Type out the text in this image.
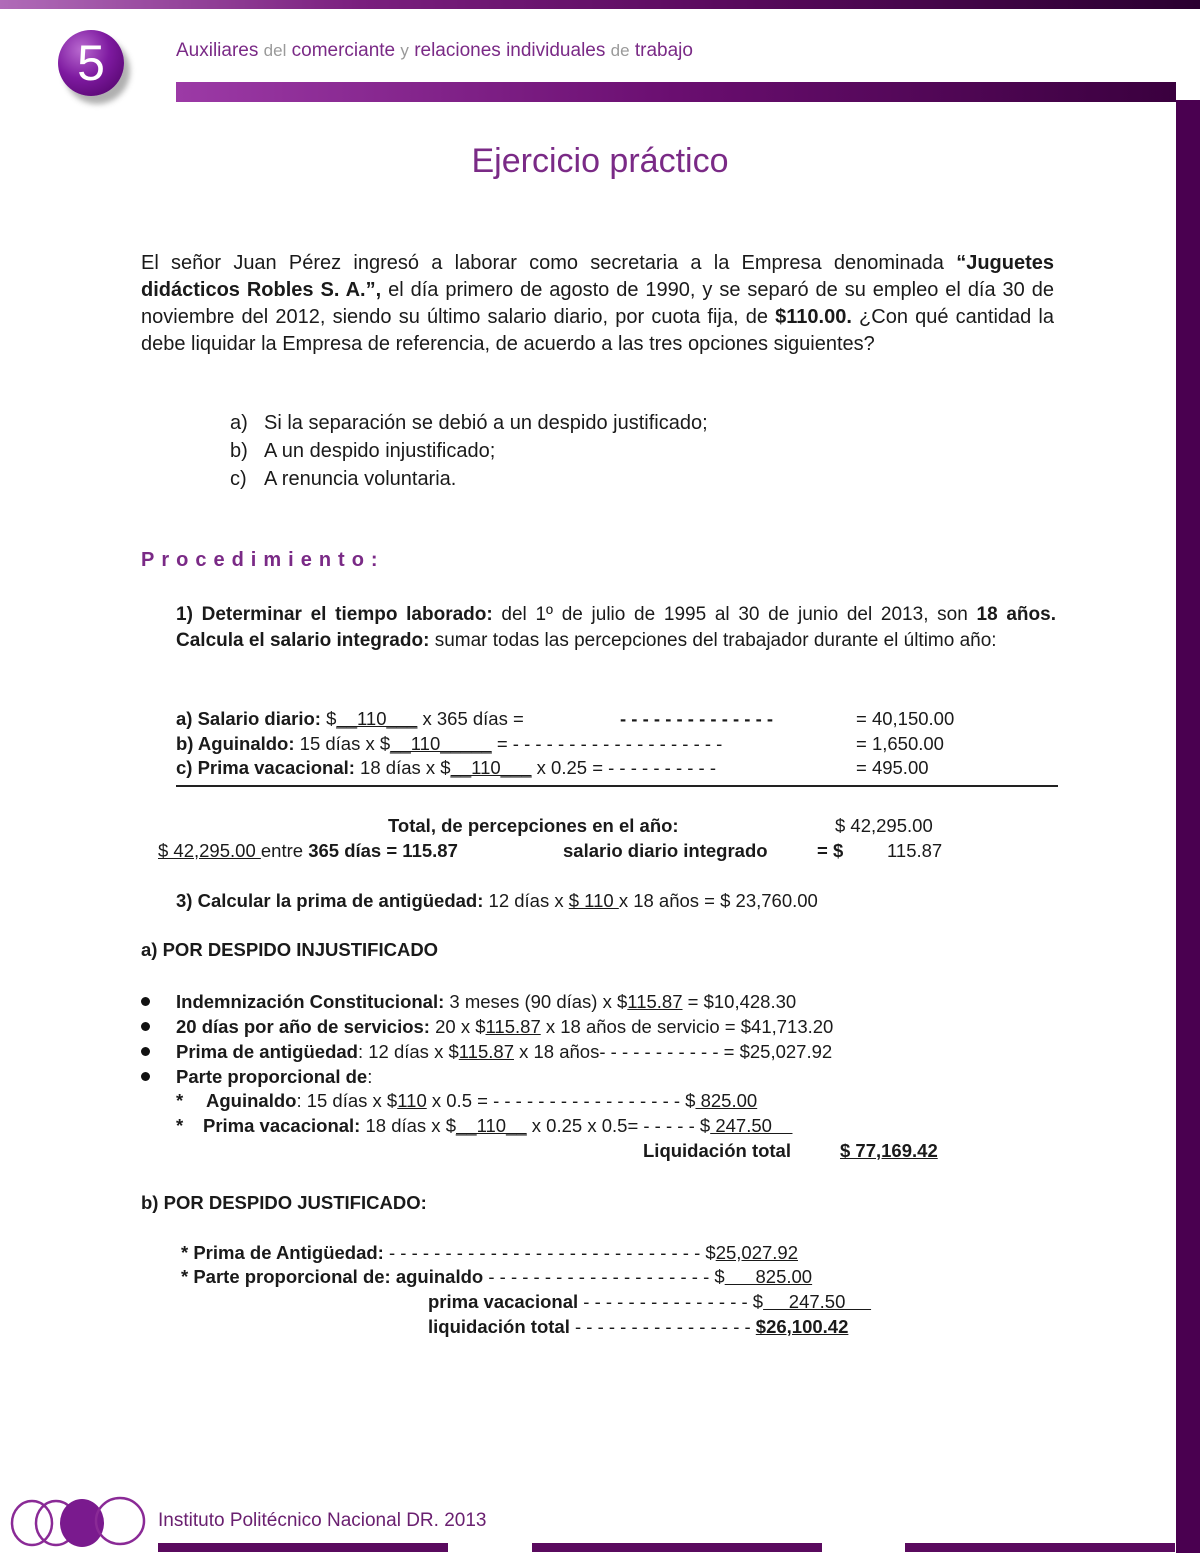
5	Auxiliares del comerciante y relaciones individuales de trabajo
Ejercicio práctico
El señor Juan Pérez ingresó a laborar como secretaria a la Empresa denominada “Juguetes didácticos Robles S. A.”, el día primero de agosto de 1990, y se separó de su empleo el día 30 de noviembre del 2012, siendo su último salario diario, por cuota fija, de $110.00. ¿Con qué cantidad la debe liquidar la Empresa de referencia, de acuerdo a las tres opciones siguientes?
a) Si la separación se debió a un despido justificado;
b) A un despido injustificado;
c) A renuncia voluntaria.
Procedimiento:
1) Determinar el tiempo laborado: del 1º de julio de 1995 al 30 de junio del 2013, son 18 años. Calcula el salario integrado: sumar todas las percepciones del trabajador durante el último año:
a) Salario diario: $__110___ x 365 días =	- - - - - - - - - - - - - -	= 40,150.00
b) Aguinaldo: 15 días x $__110_____ = - - - - - - - - - - - - - - - - - - -	= 1,650.00
c) Prima vacacional: 18 días x $__110___ x 0.25 = - - - - - - - - - -	= 495.00
Total, de percepciones en el año:	$ 42,295.00
$ 42,295.00 entre 365 días = 115.87	salario diario integrado	= $ 115.87
3) Calcular la prima de antigüedad: 12 días x $ 110 x 18 años = $ 23,760.00
a) POR DESPIDO INJUSTIFICADO
Indemnización Constitucional: 3 meses (90 días) x $115.87 = $10,428.30
20 días por año de servicios: 20 x $115.87 x 18 años de servicio = $41,713.20
Prima de antigüedad: 12 días x $115.87 x 18 años- - - - - - - - - - - = $25,027.92
Parte proporcional de:
* Aguinaldo: 15 días x $110 x 0.5 = - - - - - - - - - - - - - - - - - $ 825.00
* Prima vacacional: 18 días x $__110__ x 0.25 x 0.5= - - - - - $ 247.50
Liquidación total	$ 77,169.42
b) POR DESPIDO JUSTIFICADO:
* Prima de Antigüedad: - - - - - - - - - - - - - - - - - - - - - - - - - - - - $25,027.92
* Parte proporcional de: aguinaldo - - - - - - - - - - - - - - - - - - - - $      825.00
prima vacacional - - - - - - - - - - - - - - - $     247.50
liquidación total - - - - - - - - - - - - - - - - $26,100.42
Instituto Politécnico Nacional DR. 2013
